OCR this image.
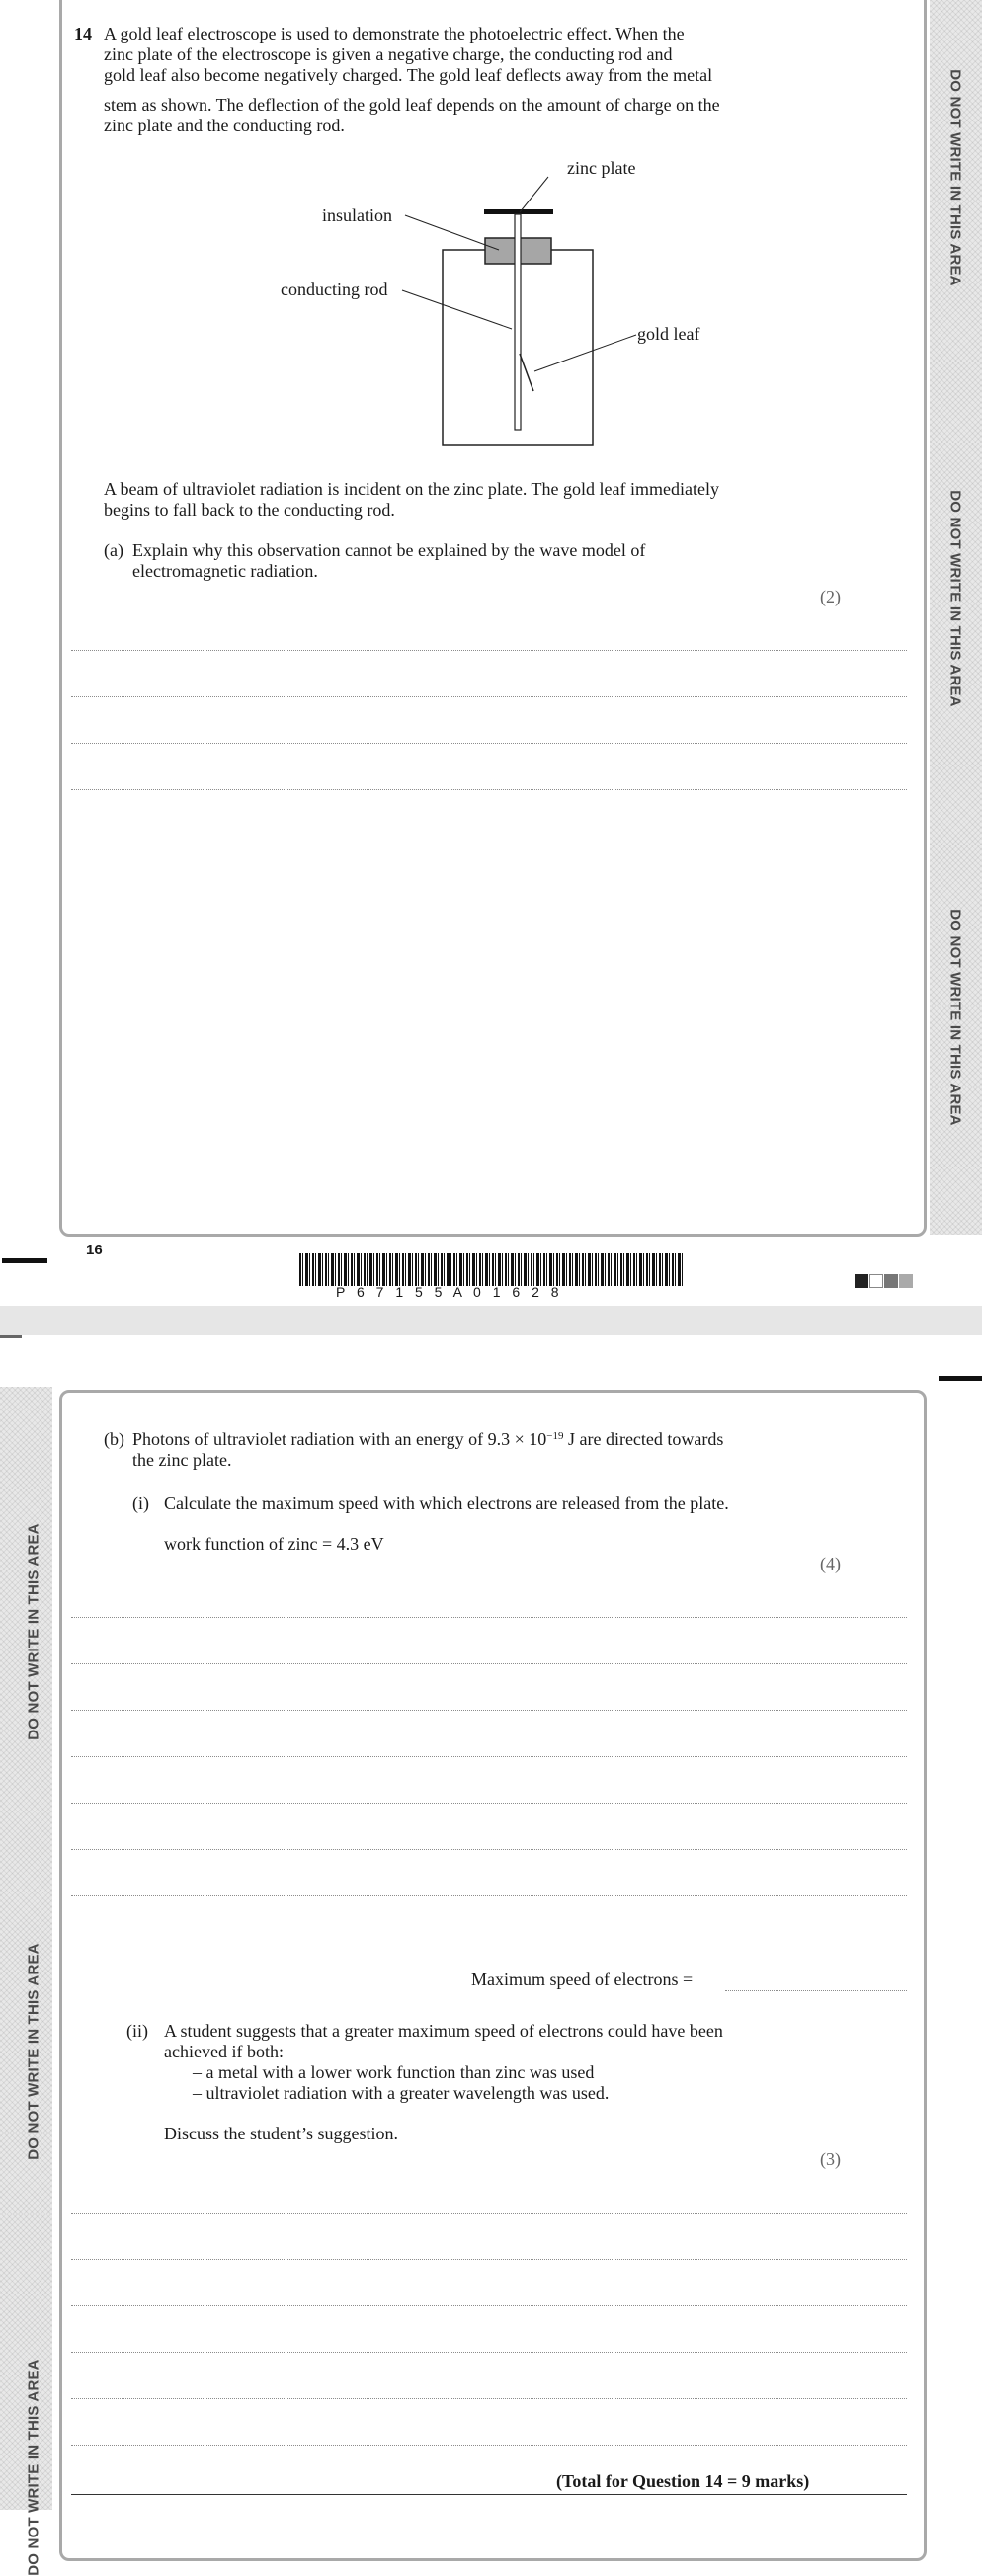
DO NOT WRITE IN THIS AREA
DO NOT WRITE IN THIS AREA
DO NOT WRITE IN THIS AREA
14 A gold leaf electroscope is used to demonstrate the photoelectric effect. When the
zinc plate of the electroscope is given a negative charge, the conducting rod and
gold leaf also become negatively charged. The gold leaf deflects away from the metal
stem as shown. The deflection of the gold leaf depends on the amount of charge on the
zinc plate and the conducting rod.
zinc plate
insulation
conducting rod
gold leaf
A beam of ultraviolet radiation is incident on the zinc plate. The gold leaf immediately
begins to fall back to the conducting rod.
(a) Explain why this observation cannot be explained by the wave model of
electromagnetic radiation.
(2)
16
P 6 7 1 5 5 A 0 1 6 2 8
DO NOT WRITE IN THIS AREA
DO NOT WRITE IN THIS AREA
DO NOT WRITE IN THIS AREA
(b) Photons of ultraviolet radiation with an energy of $9.3 \times 10^{-19}$ J are directed towards
the zinc plate.
(i) Calculate the maximum speed with which electrons are released from the plate.
work function of zinc = 4.3 eV
(4)
Maximum speed of electrons =
(ii) A student suggests that a greater maximum speed of electrons could have been
achieved if both:
– a metal with a lower work function than zinc was used
– ultraviolet radiation with a greater wavelength was used.
Discuss the student’s suggestion.
(3)
(Total for Question 14 = 9 marks)
